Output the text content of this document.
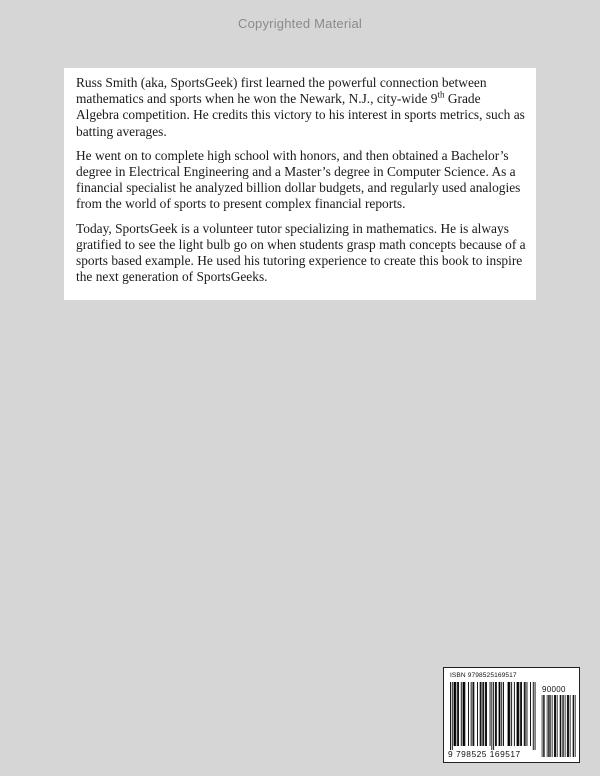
Copyrighted Material

Russ Smith (aka, SportsGeek) first learned the powerful connection between mathematics and sports when he won the Newark, N.J., city-wide 9th Grade Algebra competition. He credits this victory to his interest in sports metrics, such as batting averages.

He went on to complete high school with honors, and then obtained a Bachelor’s degree in Electrical Engineering and a Master’s degree in Computer Science. As a financial specialist he analyzed billion dollar budgets, and regularly used analogies from the world of sports to present complex financial reports.

Today, SportsGeek is a volunteer tutor specializing in mathematics. He is always gratified to see the light bulb go on when students grasp math concepts because of a sports based example. He used his tutoring experience to create this book to inspire the next generation of SportsGeeks.

ISBN 9798525169517
90000
9 798525 169517
